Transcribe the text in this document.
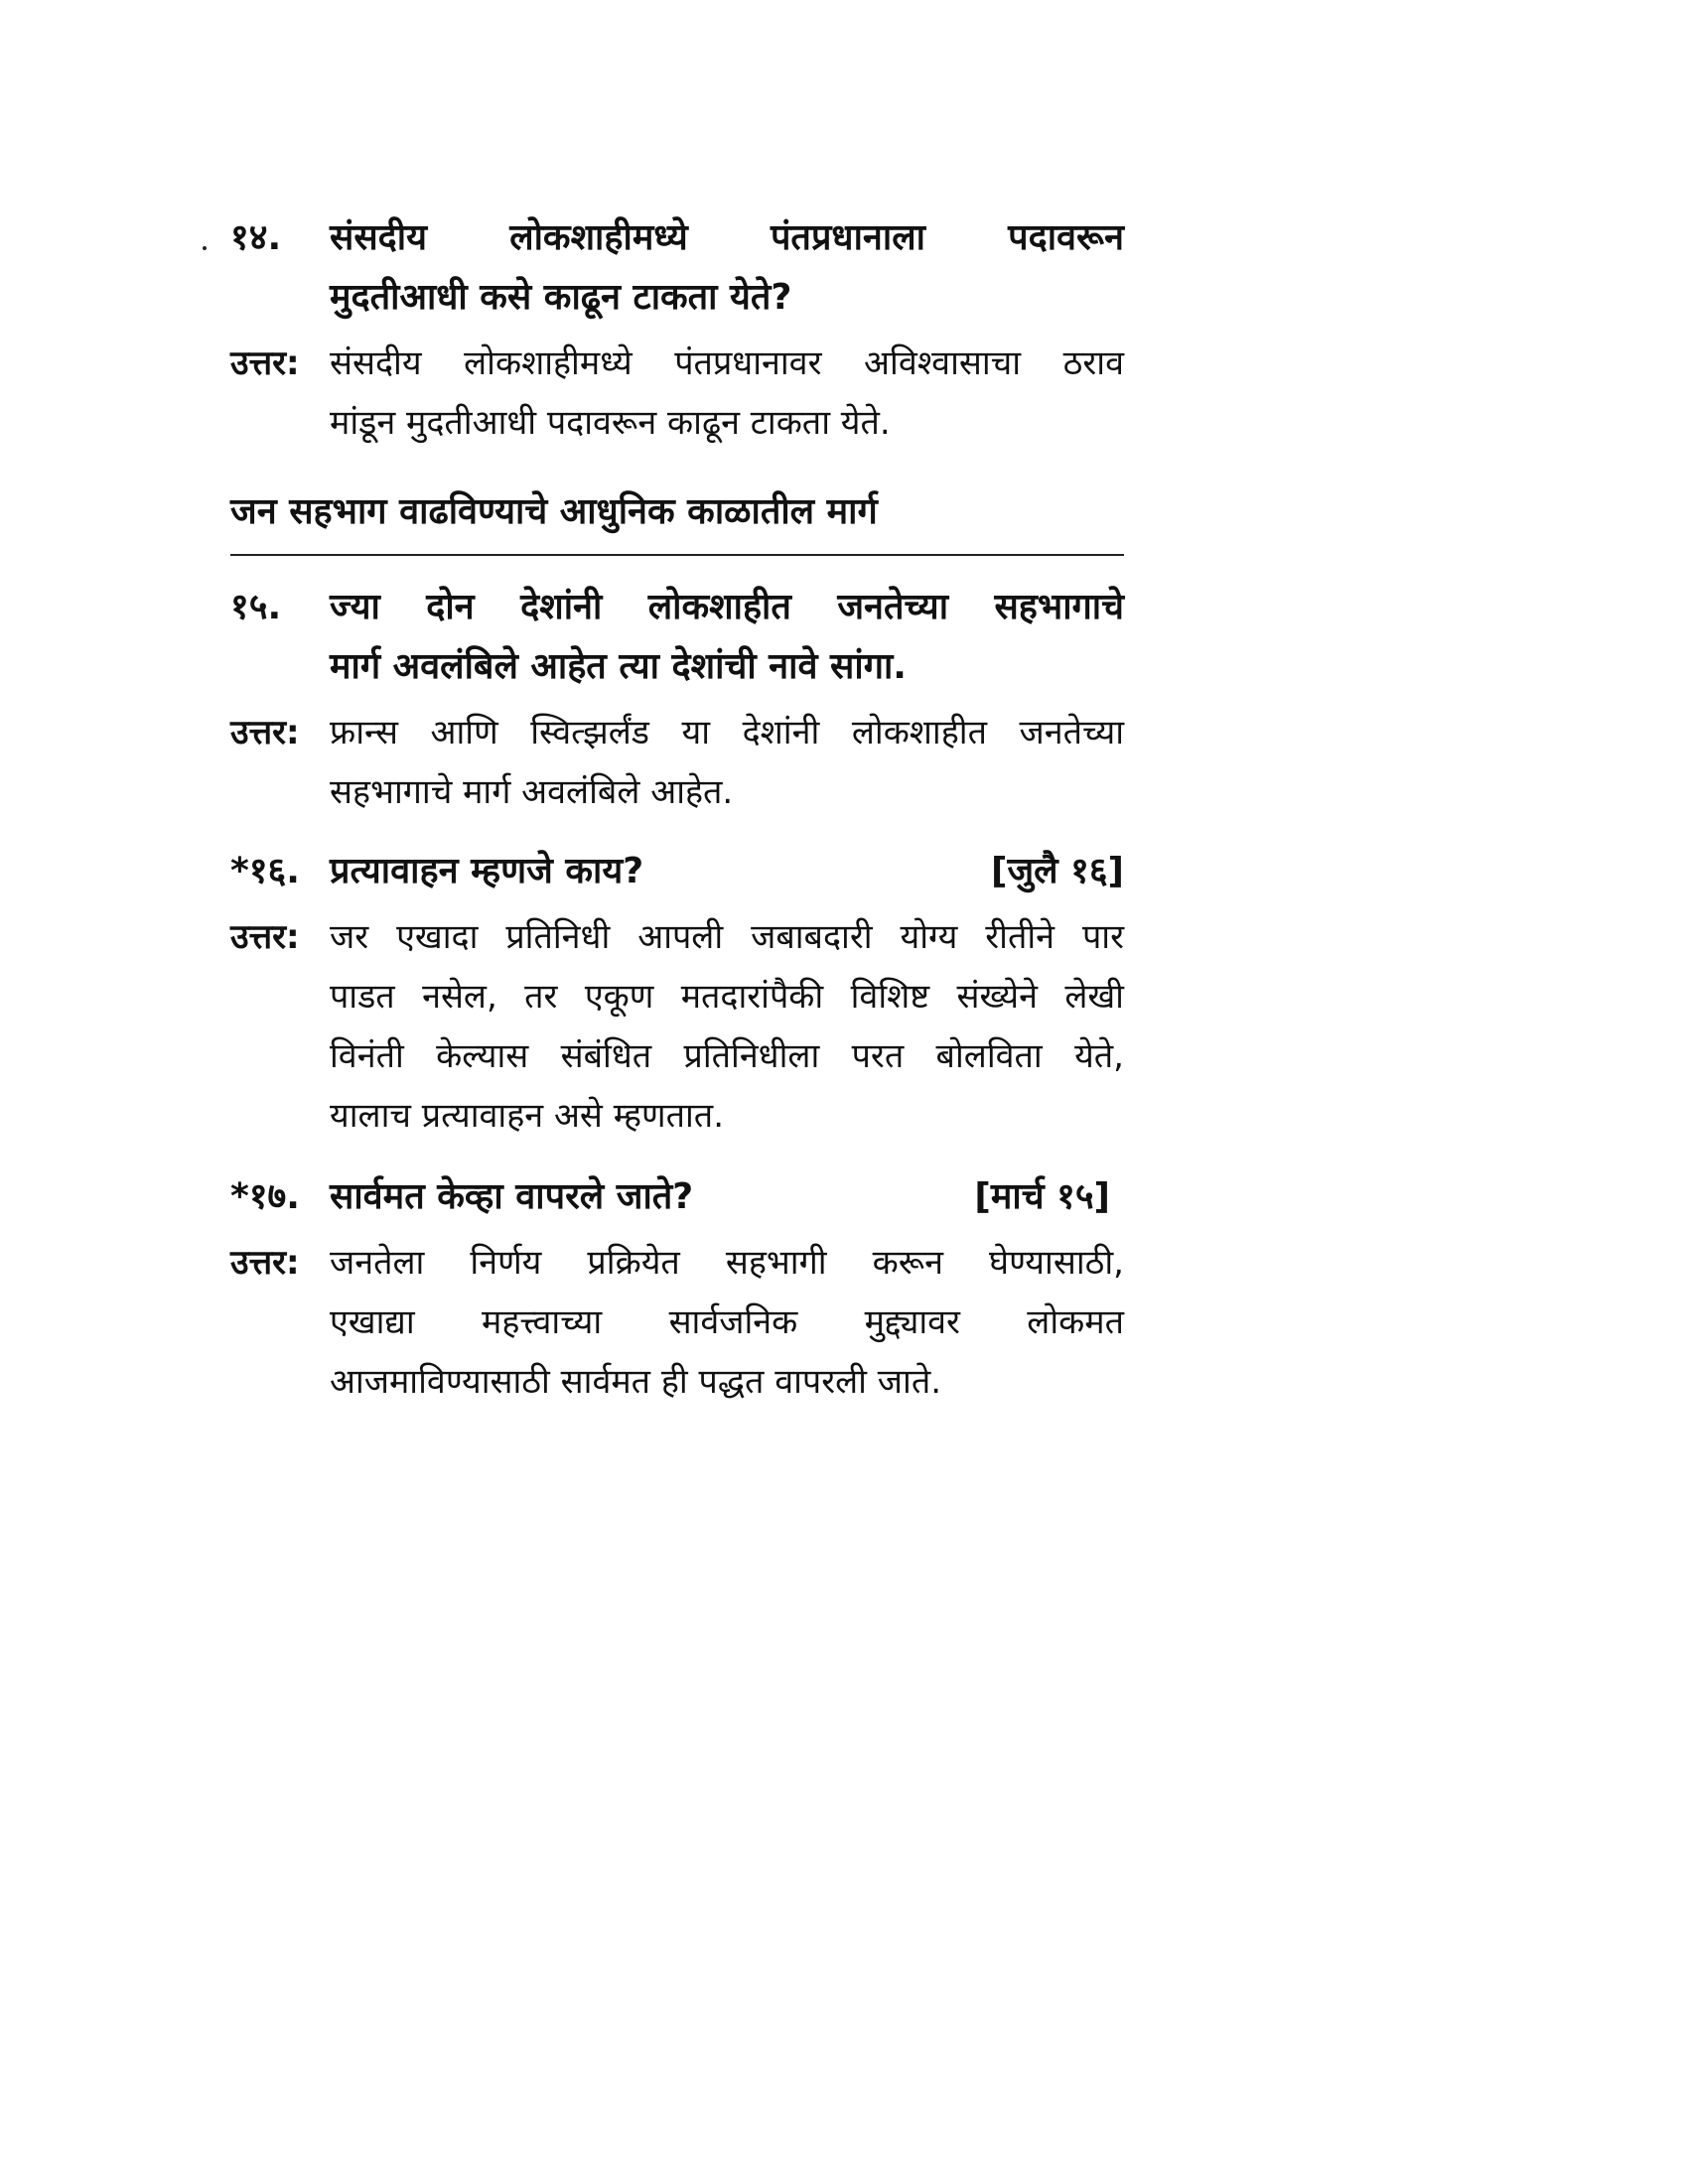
१४.	संसदीय लोकशाहीमध्ये पंतप्रधानाला पदावरून
मुदतीआधी कसे काढून टाकता येते?
उत्तर: संसदीय लोकशाहीमध्ये पंतप्रधानावर अविश्वासाचा ठराव
मांडून मुदतीआधी पदावरून काढून टाकता येते.
जन सहभाग वाढविण्याचे आधुनिक काळातील मार्ग
१५.	ज्या दोन देशांनी लोकशाहीत जनतेच्या सहभागाचे
मार्ग अवलंबिले आहेत त्या देशांची नावे सांगा.
उत्तर: फ्रान्स आणि स्वित्झर्लंड या देशांनी लोकशाहीत जनतेच्या
सहभागाचे मार्ग अवलंबिले आहेत.
*१६. प्रत्यावाहन म्हणजे काय?	[जुलै १६]
उत्तर: जर एखादा प्रतिनिधी आपली जबाबदारी योग्य रीतीने पार
पाडत नसेल, तर एकूण मतदारांपैकी विशिष्ट संख्येने लेखी
विनंती केल्यास संबंधित प्रतिनिधीला परत बोलविता येते,
यालाच प्रत्यावाहन असे म्हणतात.
*१७. सार्वमत केव्हा वापरले जाते?	[मार्च १५]
उत्तर: जनतेला निर्णय प्रक्रियेत सहभागी करून घेण्यासाठी,
एखाद्या महत्त्वाच्या सार्वजनिक मुद्द्यावर लोकमत
आजमाविण्यासाठी सार्वमत ही पद्धत वापरली जाते.
